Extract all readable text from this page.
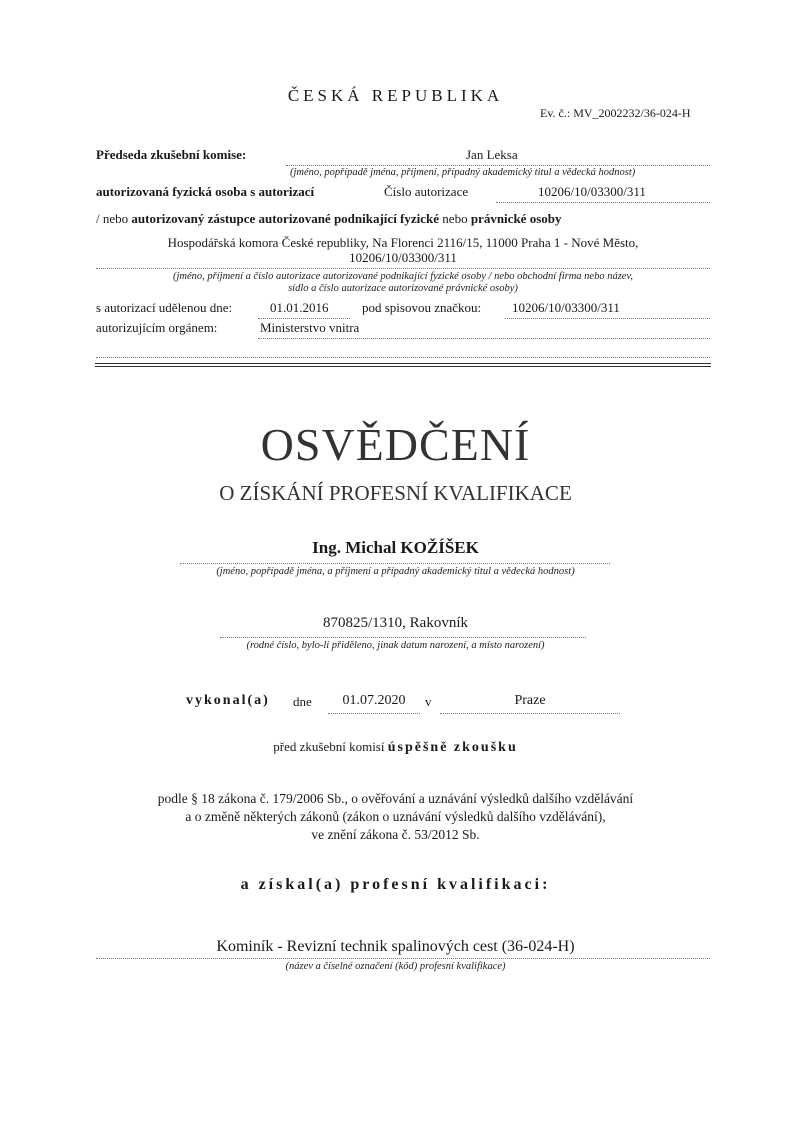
ČESKÁ REPUBLIKA
Ev. č.: MV_2002232/36-024-H
Předseda zkušební komise:	Jan Leksa
(jméno, popřípadě jména, příjmení, případný akademický titul a vědecká hodnost)
autorizovaná fyzická osoba s autorizací	Číslo autorizace	10206/10/03300/311
/ nebo autorizovaný zástupce autorizované podnikající fyzické nebo právnické osoby
Hospodářská komora České republiky, Na Florenci 2116/15, 11000 Praha 1 - Nové Město,
10206/10/03300/311
(jméno, příjmení a číslo autorizace autorizované podnikající fyzické osoby / nebo obchodní firma nebo název,
sídlo a číslo autorizace autorizované právnické osoby)
s autorizací udělenou dne:	01.01.2016	pod spisovou značkou: 10206/10/03300/311
autorizujícím orgánem:	Ministerstvo vnitra
OSVĚDČENÍ
O ZÍSKÁNÍ PROFESNÍ KVALIFIKACE
Ing. Michal KOŽÍŠEK
(jméno, popřípadě jména, a příjmení a případný akademický titul a vědecká hodnost)
870825/1310, Rakovník
(rodné číslo, bylo-li přiděleno, jinak datum narození, a místo narození)
vykonal(a) dne	01.07.2020	v	Praze
před zkušební komisí úspěšně zkoušku
podle § 18 zákona č. 179/2006 Sb., o ověřování a uznávání výsledků dalšího vzdělávání
a o změně některých zákonů (zákon o uznávání výsledků dalšího vzdělávání),
ve znění zákona č. 53/2012 Sb.
a získal(a) profesní kvalifikaci:
Kominík - Revizní technik spalinových cest (36-024-H)
(název a číselné označení (kód) profesní kvalifikace)
